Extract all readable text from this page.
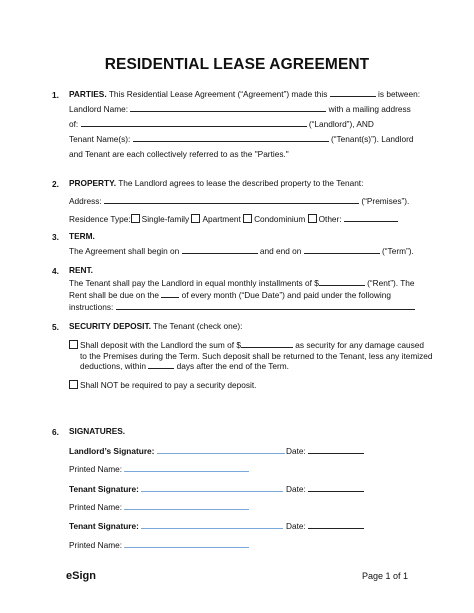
RESIDENTIAL LEASE AGREEMENT
1. PARTIES. This Residential Lease Agreement (“Agreement”) made this	is between:
Landlord Name:	with a mailing address
of:	(“Landlord”), AND
Tenant Name(s):	(“Tenant(s)”). Landlord
and Tenant are each collectively referred to as the "Parties."
2. PROPERTY. The Landlord agrees to lease the described property to the Tenant:
Address:	(“Premises”).
Residence Type: Single-family Apartment Condominium Other:
3. TERM.
The Agreement shall begin on	and end on	(“Term”).
4. RENT.
The Tenant shall pay the Landlord in equal monthly installments of $	(“Rent”). The
Rent shall be due on the	of every month (“Due Date”) and paid under the following
instructions:
5. SECURITY DEPOSIT. The Tenant (check one):
Shall deposit with the Landlord the sum of $	as security for any damage caused
to the Premises during the Term. Such deposit shall be returned to the Tenant, less any itemized
deductions, within	days after the end of the Term.
Shall NOT be required to pay a security deposit.
6. SIGNATURES.
Landlord’s Signature:	Date:
Printed Name:
Tenant Signature:	Date:
Printed Name:
Tenant Signature:	Date:
Printed Name:
eSign	Page 1 of 1
